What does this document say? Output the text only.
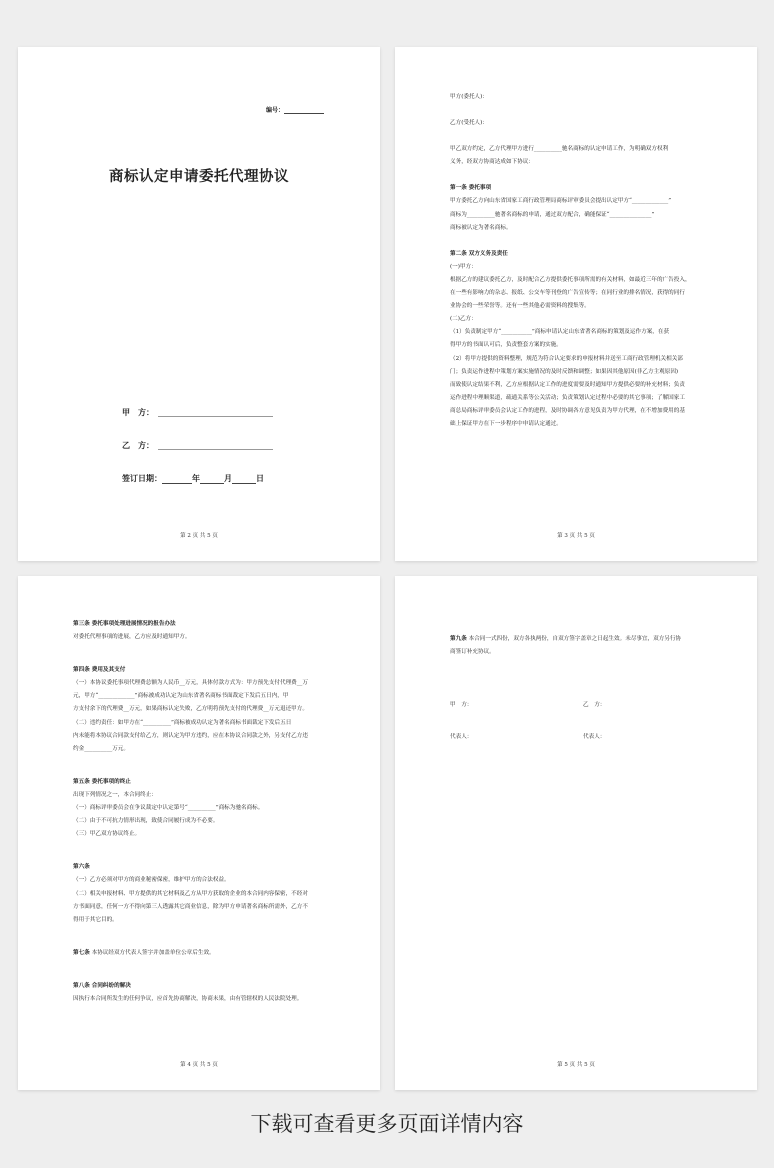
编号：
商标认定申请委托代理协议
甲　方：
乙　方：
签订日期：	年	月	日
第 2 页 共 5 页

甲方(委托人)：

乙方(受托人)：

甲乙双方约定，乙方代理甲方进行__________驰名商标的认定申请工作，为明确双方权利

义务，经双方协商达成如下协议：

第一条 委托事项

甲方委托乙方向山东省国家工商行政管理局商标评审委员会提出认定甲方“_____________”

商标为__________驰著名商标的申请，通过双方配合，确能保证“_______________”

商标被认定为著名商标。

第二条 双方义务及责任

(一)甲方：

根据乙方的建议委托乙方，及时配合乙方提供委托事项所需的有关材料，如最近三年的广告投入，

在一些有影响力的杂志、报纸、公交车等刊登的广告宣传等；在同行业的排名情况，获得的同行

业协会的一些荣誉等。还有一些其他必需资料的搜集等。

(二)乙方：

（1）负责制定甲方“___________”商标申请认定山东省著名商标的策划及运作方案，在获

得甲方的书面认可后，负责整套方案的实施。

（2）将甲方提供的资料整理，规范为符合认定要求的申报材料并送至工商行政管理机关相关部

门；负责运作进程中策划方案实施情况的及时反馈和调整；如果因其他原因(非乙方主观原因)

而致使认定结果不利，乙方应根据认定工作的进度需要及时通知甲方提供必要的补充材料；负责

运作进程中理顺渠道，疏通关系等公关活动；负责策划认定过程中必要的其它事项；了解国家工

商总局商标评审委员会认定工作的进程，及时协调各方意见负责为甲方代理，在不增加费用的基

础上保证甲方在下一步程序中申请认定通过。

第 3 页 共 5 页

第三条 委托事项处理进展情况的报告办法

对委托代理事项的进展，乙方应及时通知甲方。

第四条 费用及其支付

（一）本协议委托事项代理费总额为人民币__万元，具体付款方式为：甲方预先支付代理费__万

元，甲方“_____________”商标被成功认定为山东省著名商标书面裁定下发后五日内，甲

方支付余下的代理费__万元，如果商标认定失败，乙方明将预先支付的代理费__万元退还甲方。

（二）违约责任：如甲方在“__________”商标被成功认定为著名商标书面裁定下发后五日

内未能将本协议合同款支付给乙方，则认定为甲方违约，应在本协议合同款之外，另支付乙方违

约金__________万元。

第五条 委托事项的终止

出现下列情况之一，本合同终止：

（一）商标评审委员会在争议裁定中认定第号“__________”商标为驰名商标。

（二）由于不可抗力情形出现，致使合同履行成为不必要。

（三）甲乙双方协议终止。

第六条

（一）乙方必须对甲方的商业秘密保密，维护甲方的合法权益。

（二）相关申报材料、甲方提供的其它材料及乙方从甲方获取的企业的本合同内容保密，不经对

方书面同意，任何一方不得向第三人透露其它商业信息，除为甲方申请著名商标所需外，乙方不

得用于其它目的。

第七条 本协议经双方代表人签字并加盖单位公章后生效。

第八条 合同纠纷的解决

因执行本合同所发生的任何争议，应首先协商解决，协商未果，由有管辖权的人民法院处理。

第 4 页 共 5 页

第九条 本合同一式四份，双方各执两份，自双方签字盖章之日起生效。未尽事宜，双方另行协

商签订补充协议。

甲　方：	乙　方：
代表人：	代表人：
第 5 页 共 5 页
下载可查看更多页面详情内容
